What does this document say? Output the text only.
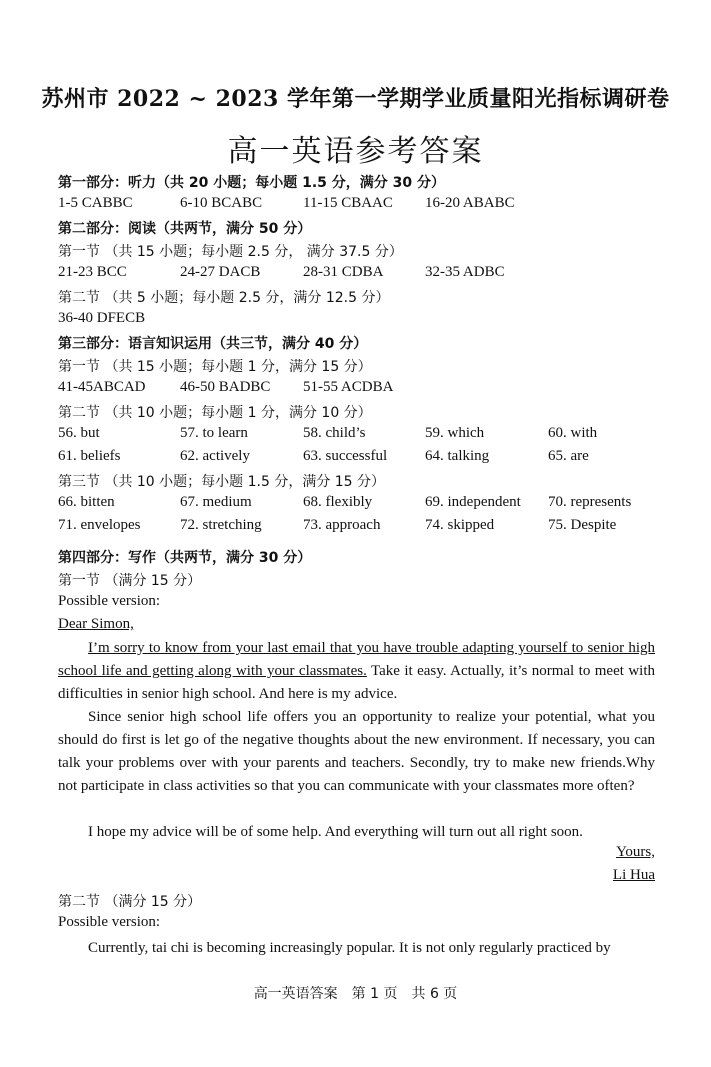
苏州市 2022 ~ 2023 学年第一学期学业质量阳光指标调研卷
高一英语参考答案
第一部分：听力（共 20 小题；每小题 1.5 分，满分 30 分）
1-5 CABBC	6-10 BCABC	11-15 CBAAC 16-20 ABABC
第二部分：阅读（共两节，满分 50 分）
第一节 （共 15 小题；每小题 2.5 分， 满分 37.5 分）
21-23 BCC	24-27 DACB	28-31 CDBA	32-35 ADBC
第二节 （共 5 小题；每小题 2.5 分，满分 12.5 分）
36-40 DFECB
第三部分：语言知识运用（共三节，满分 40 分）
第一节 （共 15 小题；每小题 1 分，满分 15 分）
41-45ABCAD 46-50 BADBC 51-55 ACDBA
第二节 （共 10 小题；每小题 1 分，满分 10 分）
56. but	57. to learn	58. child’s	59. which	60. with
61. beliefs	62. actively	63. successful	64. talking	65. are
第三节 （共 10 小题；每小题 1.5 分，满分 15 分）
66. bitten	67. medium	68. flexibly	69. independent 70. represents
71. envelopes	72. stretching	73. approach	74. skipped	75. Despite
第四部分：写作（共两节，满分 30 分）
第一节 （满分 15 分）
Possible version:
Dear Simon,
I’m sorry to know from your last email that you have trouble adapting yourself to senior high school life and getting along with your classmates. Take it easy. Actually, it’s normal to meet with difficulties in senior high school. And here is my advice.
Since senior high school life offers you an opportunity to realize your potential, what you should do first is let go of the negative thoughts about the new environment. If necessary, you can talk your problems over with your parents and teachers. Secondly, try to make new friends.Why not participate in class activities so that you can communicate with your classmates more often?
I hope my advice will be of some help. And everything will turn out all right soon.
Yours,
Li Hua
第二节 （满分 15 分）
Possible version:
Currently, tai chi is becoming increasingly popular. It is not only regularly practiced by
高一英语答案　第 1 页　共 6 页
